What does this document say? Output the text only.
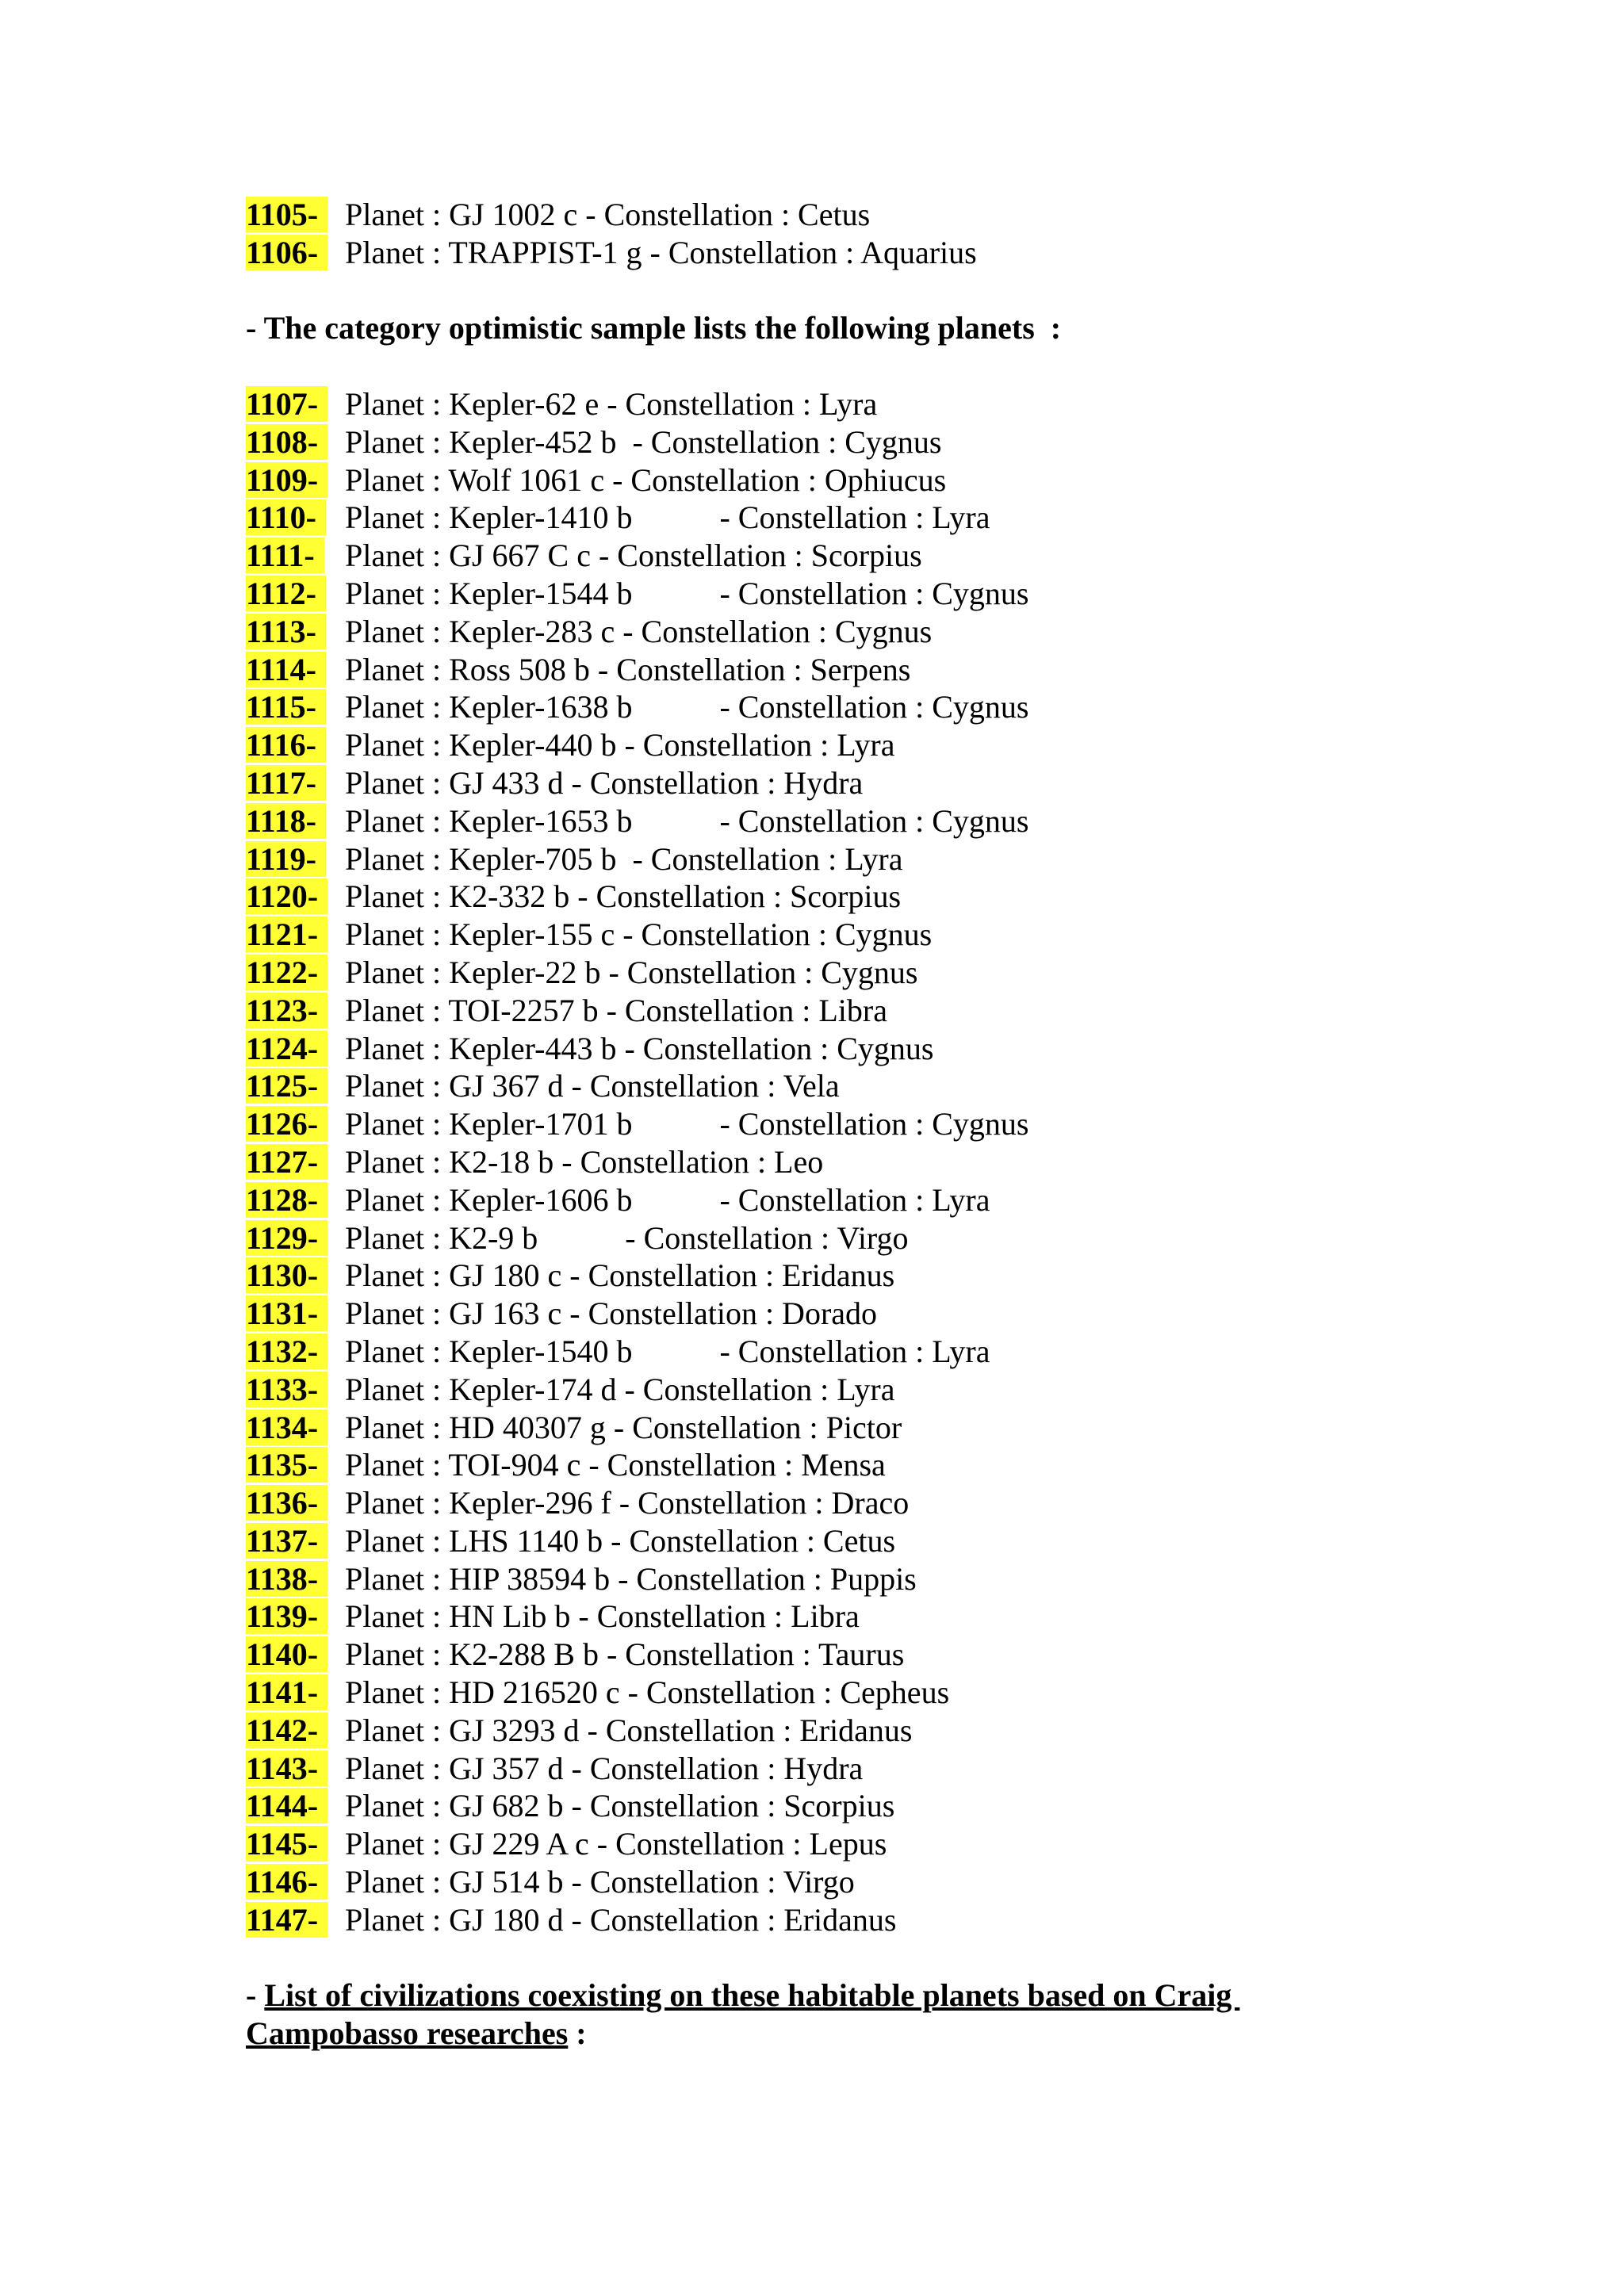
1105- Planet : GJ 1002 c - Constellation : Cetus
1106- Planet : TRAPPIST-1 g - Constellation : Aquarius
- The category optimistic sample lists the following planets  :
1107- Planet : Kepler-62 e - Constellation : Lyra
1108- Planet : Kepler-452 b  - Constellation : Cygnus
1109- Planet : Wolf 1061 c - Constellation : Ophiucus
1110- Planet : Kepler-1410 b           - Constellation : Lyra
1111- Planet : GJ 667 C c - Constellation : Scorpius
1112- Planet : Kepler-1544 b           - Constellation : Cygnus
1113- Planet : Kepler-283 c - Constellation : Cygnus
1114- Planet : Ross 508 b - Constellation : Serpens
1115- Planet : Kepler-1638 b           - Constellation : Cygnus
1116- Planet : Kepler-440 b - Constellation : Lyra
1117- Planet : GJ 433 d - Constellation : Hydra
1118- Planet : Kepler-1653 b           - Constellation : Cygnus
1119- Planet : Kepler-705 b  - Constellation : Lyra
1120- Planet : K2-332 b - Constellation : Scorpius
1121- Planet : Kepler-155 c - Constellation : Cygnus
1122- Planet : Kepler-22 b - Constellation : Cygnus
1123- Planet : TOI-2257 b - Constellation : Libra
1124- Planet : Kepler-443 b - Constellation : Cygnus
1125- Planet : GJ 367 d - Constellation : Vela
1126- Planet : Kepler-1701 b           - Constellation : Cygnus
1127- Planet : K2-18 b - Constellation : Leo
1128- Planet : Kepler-1606 b           - Constellation : Lyra
1129- Planet : K2-9 b           - Constellation : Virgo
1130- Planet : GJ 180 c - Constellation : Eridanus
1131- Planet : GJ 163 c - Constellation : Dorado
1132- Planet : Kepler-1540 b           - Constellation : Lyra
1133- Planet : Kepler-174 d - Constellation : Lyra
1134- Planet : HD 40307 g - Constellation : Pictor
1135- Planet : TOI-904 c - Constellation : Mensa
1136- Planet : Kepler-296 f - Constellation : Draco
1137- Planet : LHS 1140 b - Constellation : Cetus
1138- Planet : HIP 38594 b - Constellation : Puppis
1139- Planet : HN Lib b - Constellation : Libra
1140- Planet : K2-288 B b - Constellation : Taurus
1141- Planet : HD 216520 c - Constellation : Cepheus
1142- Planet : GJ 3293 d - Constellation : Eridanus
1143- Planet : GJ 357 d - Constellation : Hydra
1144- Planet : GJ 682 b - Constellation : Scorpius
1145- Planet : GJ 229 A c - Constellation : Lepus
1146- Planet : GJ 514 b - Constellation : Virgo
1147- Planet : GJ 180 d - Constellation : Eridanus
- List of civilizations coexisting on these habitable planets based on Craig
Campobasso researches :
